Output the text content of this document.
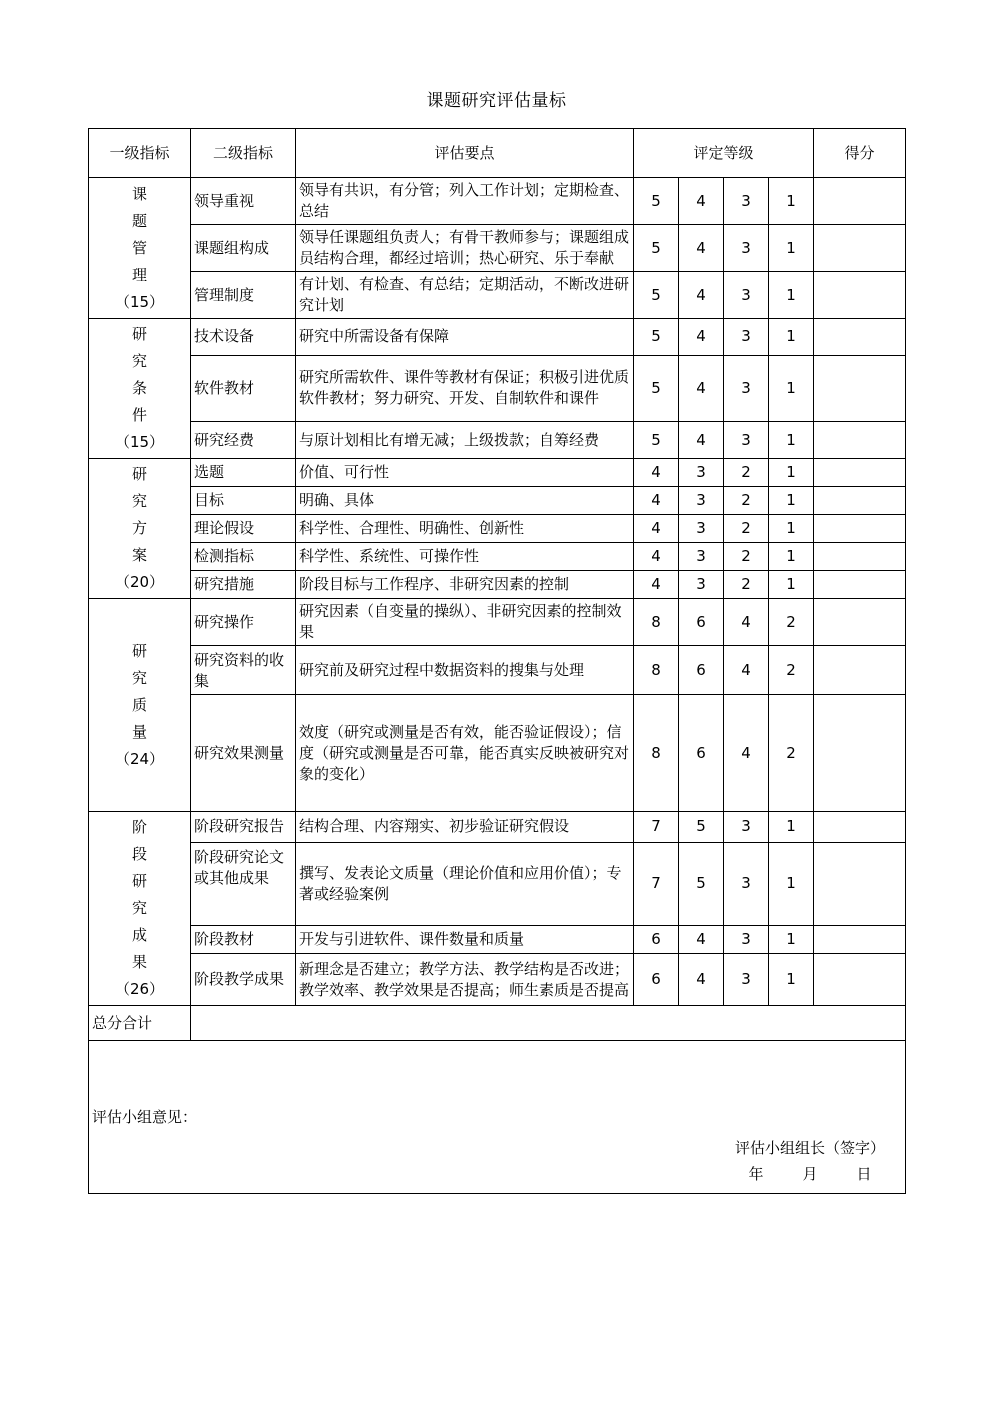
课题研究评估量标
一级指标	二级指标	评估要点	评定等级				得分

课
题
管
理
（15）	领导重视	领导有共识，有分管；列入工作计划；定期检查、总结	5	4	3	1	
	课题组构成	领导任课题组负责人；有骨干教师参与；课题组成员结构合理，都经过培训；热心研究、乐于奉献	5	4	3	1	
	管理制度	有计划、有检查、有总结；定期活动，不断改进研究计划	5	4	3	1	

研
究
条
件
（15）	技术设备	研究中所需设备有保障	5	4	3	1	
	软件教材	研究所需软件、课件等教材有保证；积极引进优质软件教材；努力研究、开发、自制软件和课件	5	4	3	1	
	研究经费	与原计划相比有增无减；上级拨款；自筹经费	5	4	3	1	

研
究
方
案
（20）	选题	价值、可行性	4	3	2	1	
	目标	明确、具体	4	3	2	1	
	理论假设	科学性、合理性、明确性、创新性	4	3	2	1	
	检测指标	科学性、系统性、可操作性	4	3	2	1	
	研究措施	阶段目标与工作程序、非研究因素的控制	4	3	2	1	

研
究
质
量
（24）	研究操作	研究因素（自变量的操纵）、非研究因素的控制效果	8	6	4	2	
	研究资料的收集	研究前及研究过程中数据资料的搜集与处理	8	6	4	2	
	研究效果测量	效度（研究或测量是否有效，能否验证假设）；信度（研究或测量是否可靠，能否真实反映被研究对象的变化）	8	6	4	2	

阶
段
研
究
成
果
（26）
	阶段研究报告	结构合理、内容翔实、初步验证研究假设	7	5	3	1	
	阶段研究论文或其他成果	撰写、发表论文质量（理论价值和应用价值）；专著或经验案例	7	5	3	1	
	阶段教材	开发与引进软件、课件数量和质量	6	4	3	1	
	阶段教学成果	新理念是否建立；教学方法、教学结构是否改进；教学效率、教学效果是否提高；师生素质是否提高	6	4	3	1	
总分合计							

评估小组意见：
评估小组组长（签字）
年　月　日							
